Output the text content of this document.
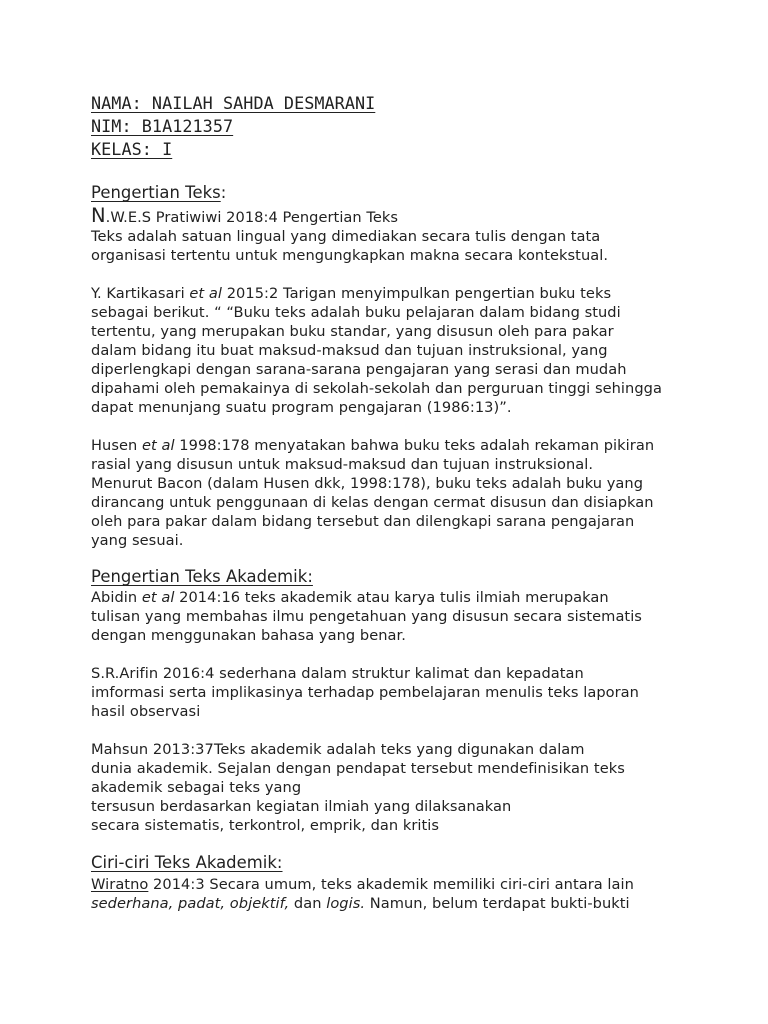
NAMA: NAILAH SAHDA DESMARANI
NIM: B1A121357
KELAS: I
Pengertian Teks:
N.W.E.S Pratiwiwi 2018:4 Pengertian Teks
Teks adalah satuan lingual yang dimediakan secara tulis dengan tata
organisasi tertentu untuk mengungkapkan makna secara kontekstual.
Y. Kartikasari et al 2015:2 Tarigan menyimpulkan pengertian buku teks
sebagai berikut. “ “Buku teks adalah buku pelajaran dalam bidang studi
tertentu, yang merupakan buku standar, yang disusun oleh para pakar
dalam bidang itu buat maksud-maksud dan tujuan instruksional, yang
diperlengkapi dengan sarana-sarana pengajaran yang serasi dan mudah
dipahami oleh pemakainya di sekolah-sekolah dan perguruan tinggi sehingga
dapat menunjang suatu program pengajaran (1986:13)”.
Husen et al 1998:178 menyatakan bahwa buku teks adalah rekaman pikiran
rasial yang disusun untuk maksud-maksud dan tujuan instruksional.
Menurut Bacon (dalam Husen dkk, 1998:178), buku teks adalah buku yang
dirancang untuk penggunaan di kelas dengan cermat disusun dan disiapkan
oleh para pakar dalam bidang tersebut dan dilengkapi sarana pengajaran
yang sesuai.
Pengertian Teks Akademik:
Abidin et al 2014:16 teks akademik atau karya tulis ilmiah merupakan
tulisan yang membahas ilmu pengetahuan yang disusun secara sistematis
dengan menggunakan bahasa yang benar.
S.R.Arifin 2016:4 sederhana dalam struktur kalimat dan kepadatan
imformasi serta implikasinya terhadap pembelajaran menulis teks laporan
hasil observasi
Mahsun 2013:37Teks akademik adalah teks yang digunakan dalam
dunia akademik. Sejalan dengan pendapat tersebut mendefinisikan teks
akademik sebagai teks yang
tersusun berdasarkan kegiatan ilmiah yang dilaksanakan
secara sistematis, terkontrol, emprik, dan kritis
Ciri-ciri Teks Akademik:
Wiratno 2014:3 Secara umum, teks akademik memiliki ciri-ciri antara lain
sederhana, padat, objektif, dan logis. Namun, belum terdapat bukti-bukti
